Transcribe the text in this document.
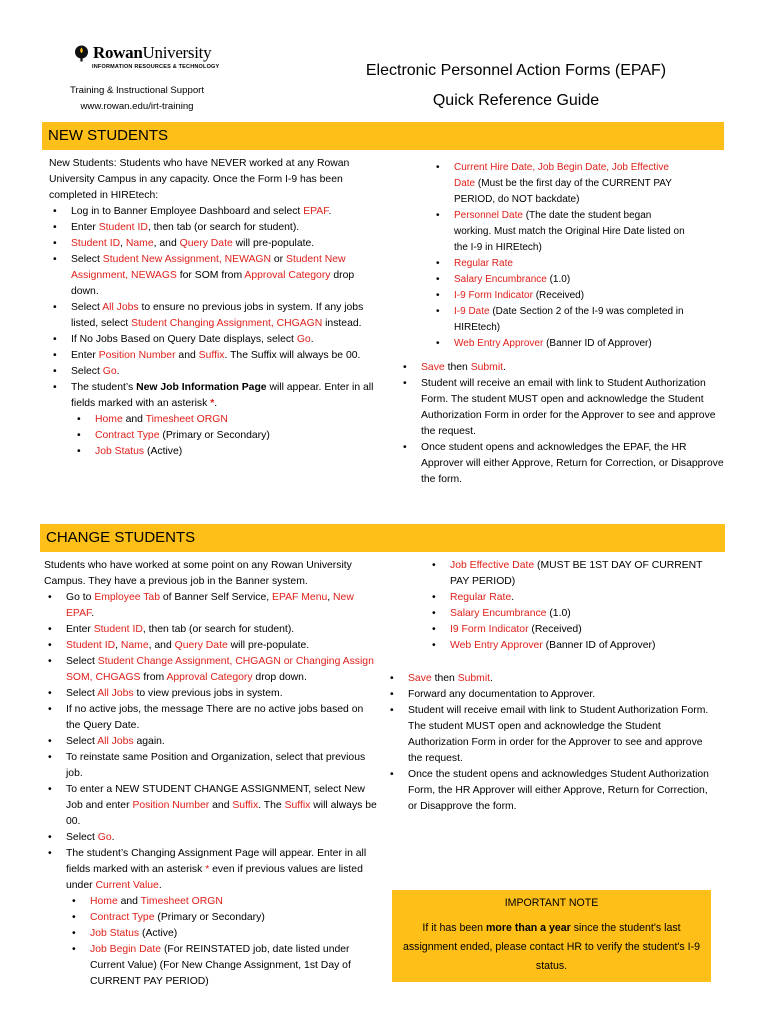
RowanUniversity
INFORMATION RESOURCES & TECHNOLOGY
Training & Instructional Support
www.rowan.edu/irt-training
Electronic Personnel Action Forms (EPAF)
Quick Reference Guide
NEW STUDENTS

New Students: Students who have NEVER worked at any Rowan University Campus in any capacity. Once the Form I-9 has been completed in HIREtech:

• Log in to Banner Employee Dashboard and select EPAF.
• Enter Student ID, then tab (or search for student).
• Student ID, Name, and Query Date will pre-populate.
• Select Student New Assignment, NEWAGN or Student New Assignment, NEWAGS for SOM from Approval Category drop down.
• Select All Jobs to ensure no previous jobs in system. If any jobs listed, select Student Changing Assignment, CHGAGN instead.
• If No Jobs Based on Query Date displays, select Go.
• Enter Position Number and Suffix. The Suffix will always be 00.
• Select Go.
• The student’s New Job Information Page will appear. Enter in all fields marked with an asterisk *.
• Home and Timesheet ORGN
• Contract Type (Primary or Secondary)
• Job Status (Active)
• Current Hire Date, Job Begin Date, Job Effective Date (Must be the first day of the CURRENT PAY PERIOD, do NOT backdate)
• Personnel Date (The date the student began working. Must match the Original Hire Date listed on the I-9 in HIREtech)
• Regular Rate
• Salary Encumbrance (1.0)
• I-9 Form Indicator (Received)
• I-9 Date (Date Section 2 of the I-9 was completed in HIREtech)
• Web Entry Approver (Banner ID of Approver)
• Save then Submit.
• Student will receive an email with link to Student Authorization Form. The student MUST open and acknowledge the Student Authorization Form in order for the Approver to see and approve the request.
• Once student opens and acknowledges the EPAF, the HR Approver will either Approve, Return for Correction, or Disapprove the form.
CHANGE STUDENTS

Students who have worked at some point on any Rowan University Campus. They have a previous job in the Banner system.

• Go to Employee Tab of Banner Self Service, EPAF Menu, New EPAF.
• Enter Student ID, then tab (or search for student).
• Student ID, Name, and Query Date will pre-populate.
• Select Student Change Assignment, CHGAGN or Changing Assign SOM, CHGAGS from Approval Category drop down.
• Select All Jobs to view previous jobs in system.
• If no active jobs, the message There are no active jobs based on the Query Date.
• Select All Jobs again.
• To reinstate same Position and Organization, select that previous job.
• To enter a NEW STUDENT CHANGE ASSIGNMENT, select New Job and enter Position Number and Suffix. The Suffix will always be 00.
• Select Go.
• The student’s Changing Assignment Page will appear. Enter in all fields marked with an asterisk * even if previous values are listed under Current Value.
• Home and Timesheet ORGN
• Contract Type (Primary or Secondary)
• Job Status (Active)
• Job Begin Date (For REINSTATED job, date listed under Current Value) (For New Change Assignment, 1st Day of CURRENT PAY PERIOD)
• Job Effective Date (MUST BE 1ST DAY OF CURRENT PAY PERIOD)
• Regular Rate.
• Salary Encumbrance (1.0)
• I9 Form Indicator (Received)
• Web Entry Approver (Banner ID of Approver)
• Save then Submit.
• Forward any documentation to Approver.
• Student will receive email with link to Student Authorization Form. The student MUST open and acknowledge the Student Authorization Form in order for the Approver to see and approve the request.
• Once the student opens and acknowledges Student Authorization Form, the HR Approver will either Approve, Return for Correction, or Disapprove the form.
IMPORTANT NOTE
If it has been more than a year since the student's last assignment ended, please contact HR to verify the student's I-9 status.
